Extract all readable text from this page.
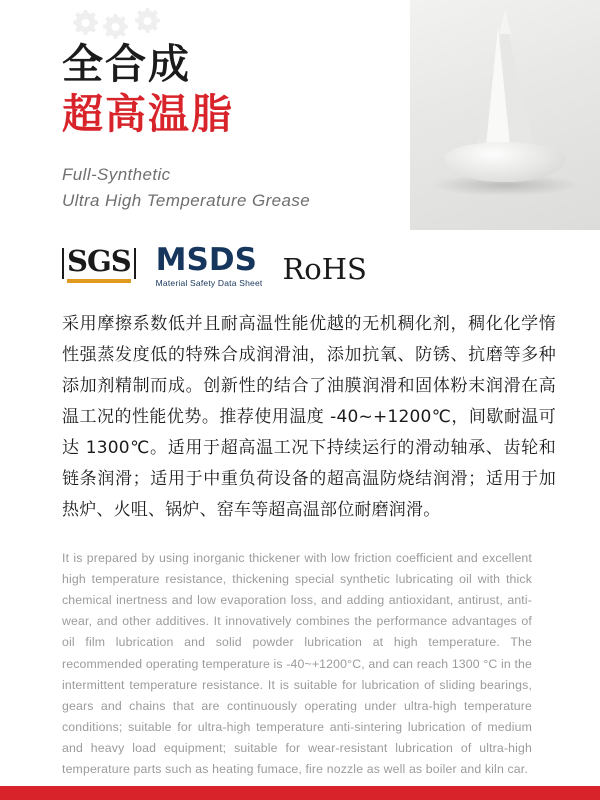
全合成
超高温脂
Full-Synthetic
Ultra High Temperature Grease
SGS MSDS
Material Safety Data Sheet RoHS
采用摩擦系数低并且耐高温性能优越的无机稠化剂，稠化化学惰性强蒸发度低的特殊合成润滑油，添加抗氧、防锈、抗磨等多种添加剂精制而成。创新性的结合了油膜润滑和固体粉末润滑在高温工况的性能优势。推荐使用温度 -40~+1200℃，间歇耐温可达 1300℃。适用于超高温工况下持续运行的滑动轴承、齿轮和链条润滑；适用于中重负荷设备的超高温防烧结润滑；适用于加热炉、火咀、锅炉、窑车等超高温部位耐磨润滑。
It is prepared by using inorganic thickener with low friction coefficient and excellent high temperature resistance, thickening special synthetic lubricating oil with thick chemical inertness and low evaporation loss, and adding antioxidant, antirust, anti-wear, and other additives. It innovatively combines the performance advantages of oil film lubrication and solid powder lubrication at high temperature. The recommended operating temperature is -40~+1200°C, and can reach 1300 °C in the intermittent temperature resistance. It is suitable for lubrication of sliding bearings, gears and chains that are continuously operating under ultra-high temperature conditions; suitable for ultra-high temperature anti-sintering lubrication of medium and heavy load equipment; suitable for wear-resistant lubrication of ultra-high temperature parts such as heating fumace, fire nozzle as well as boiler and kiln car.
